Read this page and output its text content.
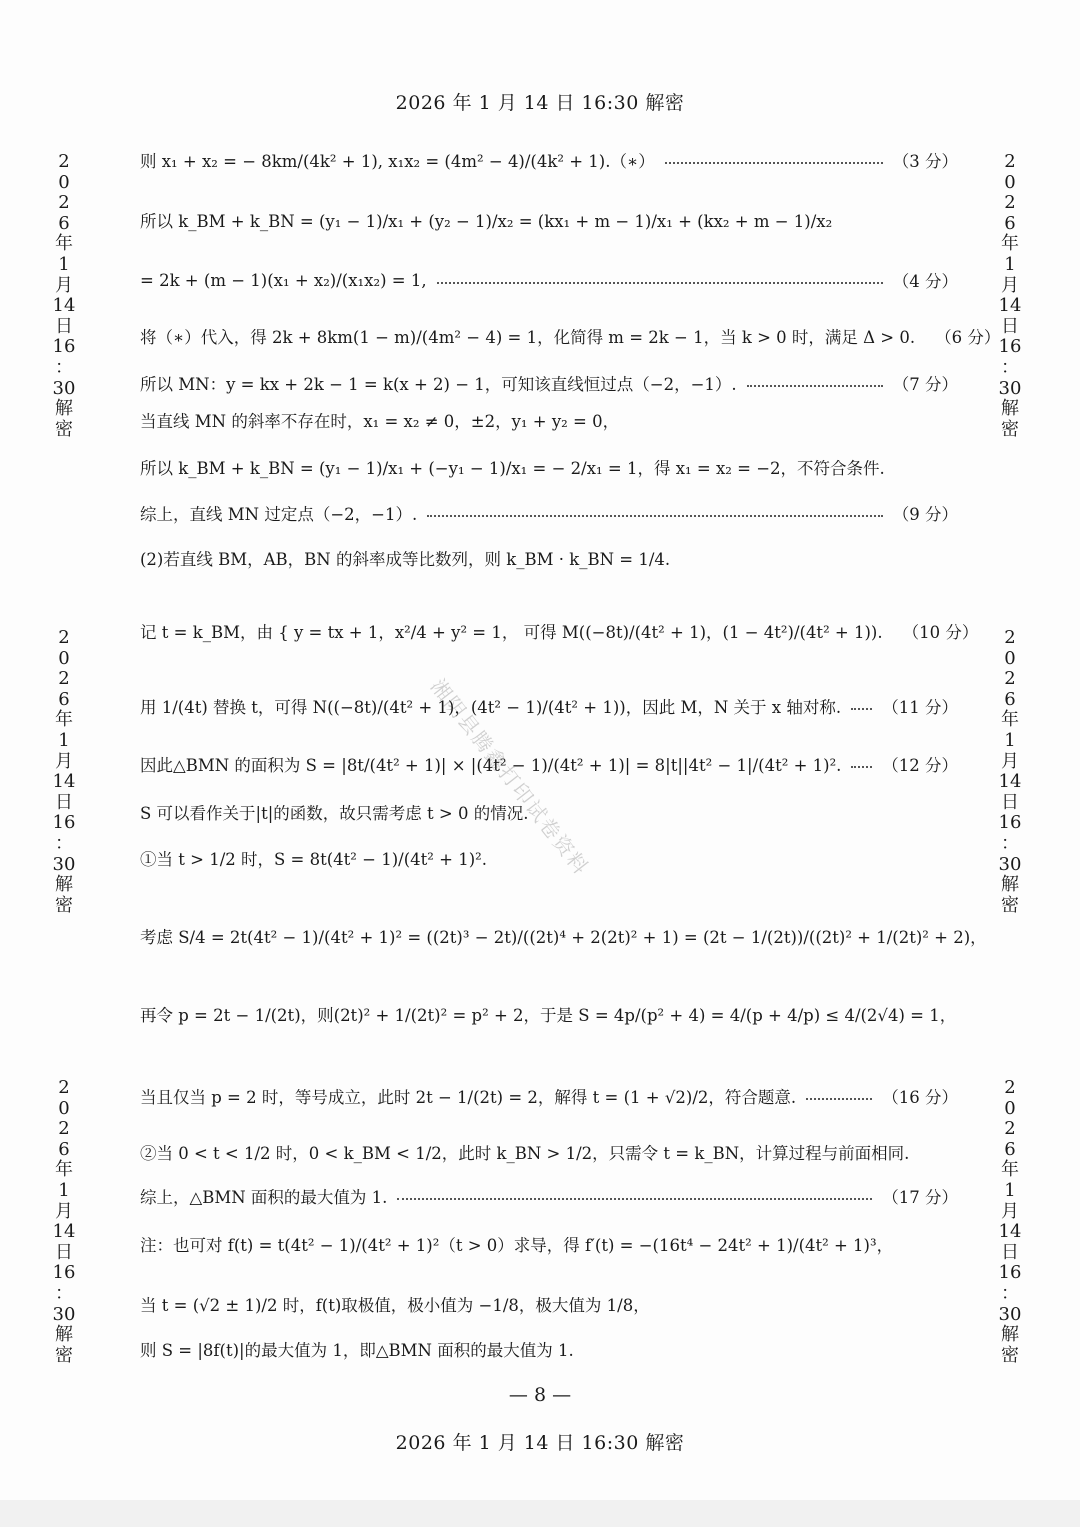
2026 年 1 月 14 日 16:30 解密
2
0
2
6
年
1
月
14
日
16
：
30
解
密
2
0
2
6
年
1
月
14
日
16
：
30
解
密
2
0
2
6
年
1
月
14
日
16
：
30
解
密
2
0
2
6
年
1
月
14
日
16
：
30
解
密
2
0
2
6
年
1
月
14
日
16
：
30
解
密
2
0
2
6
年
1
月
14
日
16
：
30
解
密
则 x₁ + x₂ = − 8km/(4k² + 1), x₁x₂ = (4m² − 4)/(4k² + 1).（∗）	（3 分）
所以 k_BM + k_BN = (y₁ − 1)/x₁ + (y₂ − 1)/x₂ = (kx₁ + m − 1)/x₁ + (kx₂ + m − 1)/x₂
= 2k + (m − 1)(x₁ + x₂)/(x₁x₂) = 1,	（4 分）
将（∗）代入，得 2k + 8km(1 − m)/(4m² − 4) = 1，化简得 m = 2k − 1，当 k > 0 时，满足 Δ > 0. （6 分）
所以 MN：y = kx + 2k − 1 = k(x + 2) − 1，可知该直线恒过点（−2，−1）.	（7 分）
当直线 MN 的斜率不存在时，x₁ = x₂ ≠ 0，±2，y₁ + y₂ = 0，
所以 k_BM + k_BN = (y₁ − 1)/x₁ + (−y₁ − 1)/x₁ = − 2/x₁ = 1，得 x₁ = x₂ = −2，不符合条件.
综上，直线 MN 过定点（−2，−1）.	（9 分）
(2)若直线 BM，AB，BN 的斜率成等比数列，则 k_BM · k_BN = 1/4.
记 t = k_BM，由 { y = tx + 1，x²/4 + y² = 1， 可得 M((−8t)/(4t² + 1)，(1 − 4t²)/(4t² + 1)). （10 分）
用 1/(4t) 替换 t，可得 N((−8t)/(4t² + 1)，(4t² − 1)/(4t² + 1))，因此 M，N 关于 x 轴对称. （11 分）
因此△BMN 的面积为 S = |8t/(4t² + 1)| × |(4t² − 1)/(4t² + 1)| = 8|t||4t² − 1|/(4t² + 1)². （12 分）
S 可以看作关于|t|的函数，故只需考虑 t > 0 的情况.
①当 t > 1/2 时，S = 8t(4t² − 1)/(4t² + 1)².
考虑 S/4 = 2t(4t² − 1)/(4t² + 1)² = ((2t)³ − 2t)/((2t)⁴ + 2(2t)² + 1) = (2t − 1/(2t))/((2t)² + 1/(2t)² + 2)，
再令 p = 2t − 1/(2t)，则(2t)² + 1/(2t)² = p² + 2，于是 S = 4p/(p² + 4) = 4/(p + 4/p) ≤ 4/(2√4) = 1，
当且仅当 p = 2 时，等号成立，此时 2t − 1/(2t) = 2，解得 t = (1 + √2)/2，符合题意.	（16 分）
②当 0 < t < 1/2 时，0 < k_BM < 1/2，此时 k_BN > 1/2，只需令 t = k_BN，计算过程与前面相同.
综上，△BMN 面积的最大值为 1.	（17 分）
注：也可对 f(t) = t(4t² − 1)/(4t² + 1)²（t > 0）求导，得 f′(t) = −(16t⁴ − 24t² + 1)/(4t² + 1)³，
当 t = (√2 ± 1)/2 时，f(t)取极值，极小值为 −1/8，极大值为 1/8，
则 S = |8f(t)|的最大值为 1，即△BMN 面积的最大值为 1.
湘阴县腾鑫打印试卷资料
— 8 —
2026 年 1 月 14 日 16:30 解密
